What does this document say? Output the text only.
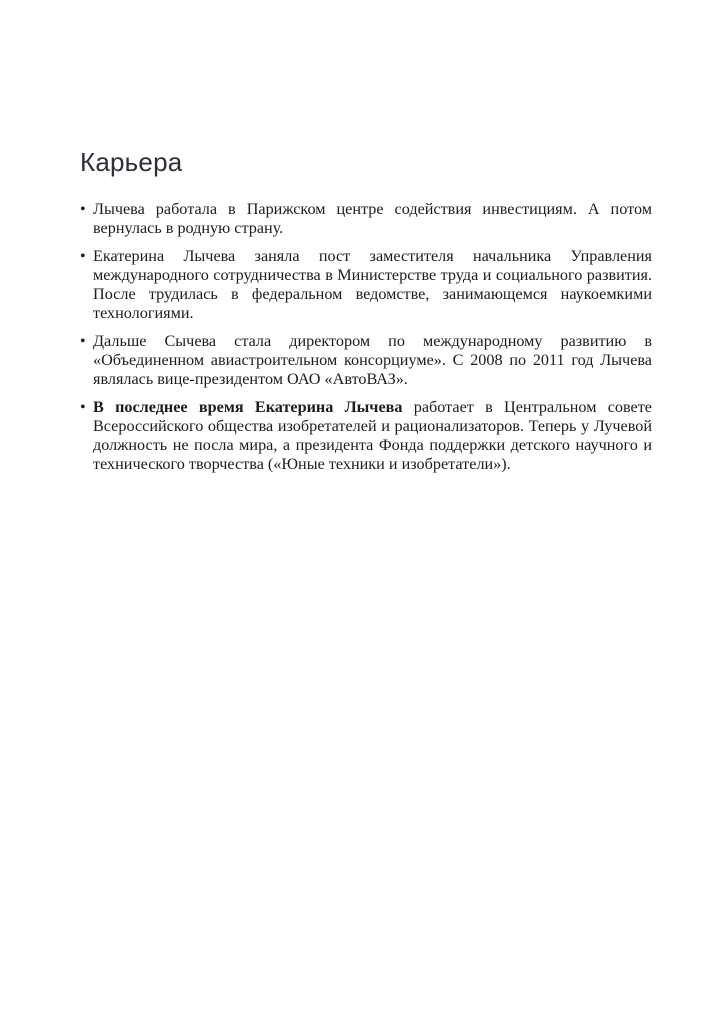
Карьера
• Лычева работала в Парижском центре содействия инвестициям. А потом вернулась в родную страну.
• Екатерина Лычева заняла пост заместителя начальника Управления международного сотрудничества в Министерстве труда и социального развития. После трудилась в федеральном ведомстве, занимающемся наукоемкими технологиями.
• Дальше Сычева стала директором по международному развитию в «Объединенном авиастроительном консорциуме». С 2008 по 2011 год Лычева являлась вице-президентом ОАО «АвтоВАЗ».
• В последнее время Екатерина Лычева работает в Центральном совете Всероссийского общества изобретателей и рационализаторов. Теперь у Лучевой должность не посла мира, а президента Фонда поддержки детского научного и технического творчества («Юные техники и изобретатели»).
